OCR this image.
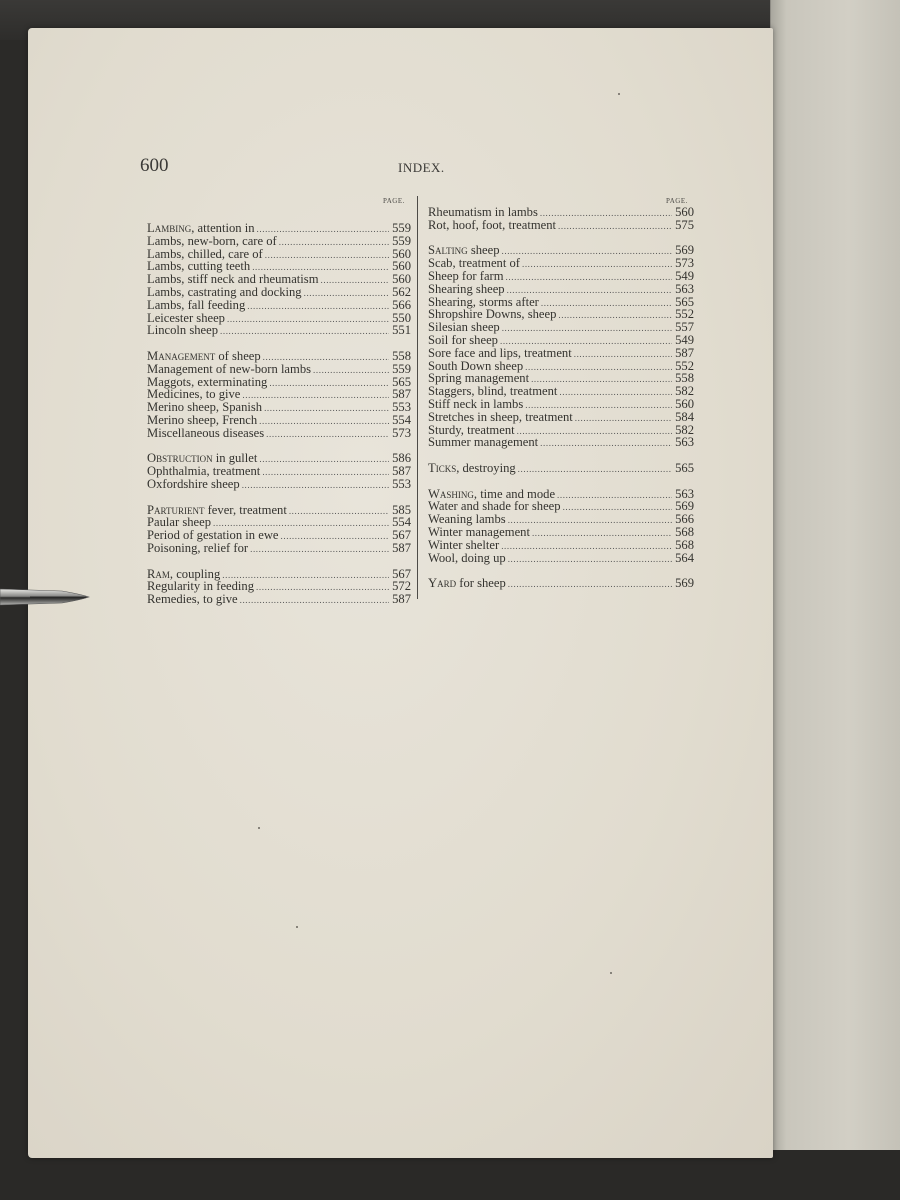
600	INDEX.
PAGE.	PAGE.
Lambing, attention in .....	559
Lambs, new-born, care of .....	559
Lambs, chilled, care of .....	560
Lambs, cutting teeth .....	560
Lambs, stiff neck and rheumatism .....	560
Lambs, castrating and docking .....	562
Lambs, fall feeding .....	566
Leicester sheep .....	550
Lincoln sheep .....	551
Management of sheep .....	558
Management of new-born lambs .....	559
Maggots, exterminating .....	565
Medicines, to give .....	587
Merino sheep, Spanish .....	553
Merino sheep, French .....	554
Miscellaneous diseases .....	573
Obstruction in gullet .....	586
Ophthalmia, treatment .....	587
Oxfordshire sheep .....	553
Parturient fever, treatment .....	585
Paular sheep .....	554
Period of gestation in ewe .....	567
Poisoning, relief for .....	587
Ram, coupling .....	567
Regularity in feeding .....	572
Remedies, to give .....	587
Rheumatism in lambs .....	560
Rot, hoof, foot, treatment .....	575
Salting sheep .....	569
Scab, treatment of .....	573
Sheep for farm .....	549
Shearing sheep .....	563
Shearing, storms after .....	565
Shropshire Downs, sheep .....	552
Silesian sheep .....	557
Soil for sheep .....	549
Sore face and lips, treatment .....	587
South Down sheep .....	552
Spring management .....	558
Staggers, blind, treatment .....	582
Stiff neck in lambs .....	560
Stretches in sheep, treatment .....	584
Sturdy, treatment .....	582
Summer management .....	563
Ticks, destroying .....	565
Washing, time and mode .....	563
Water and shade for sheep .....	569
Weaning lambs .....	566
Winter management .....	568
Winter shelter .....	568
Wool, doing up .....	564
Yard for sheep .....	569
